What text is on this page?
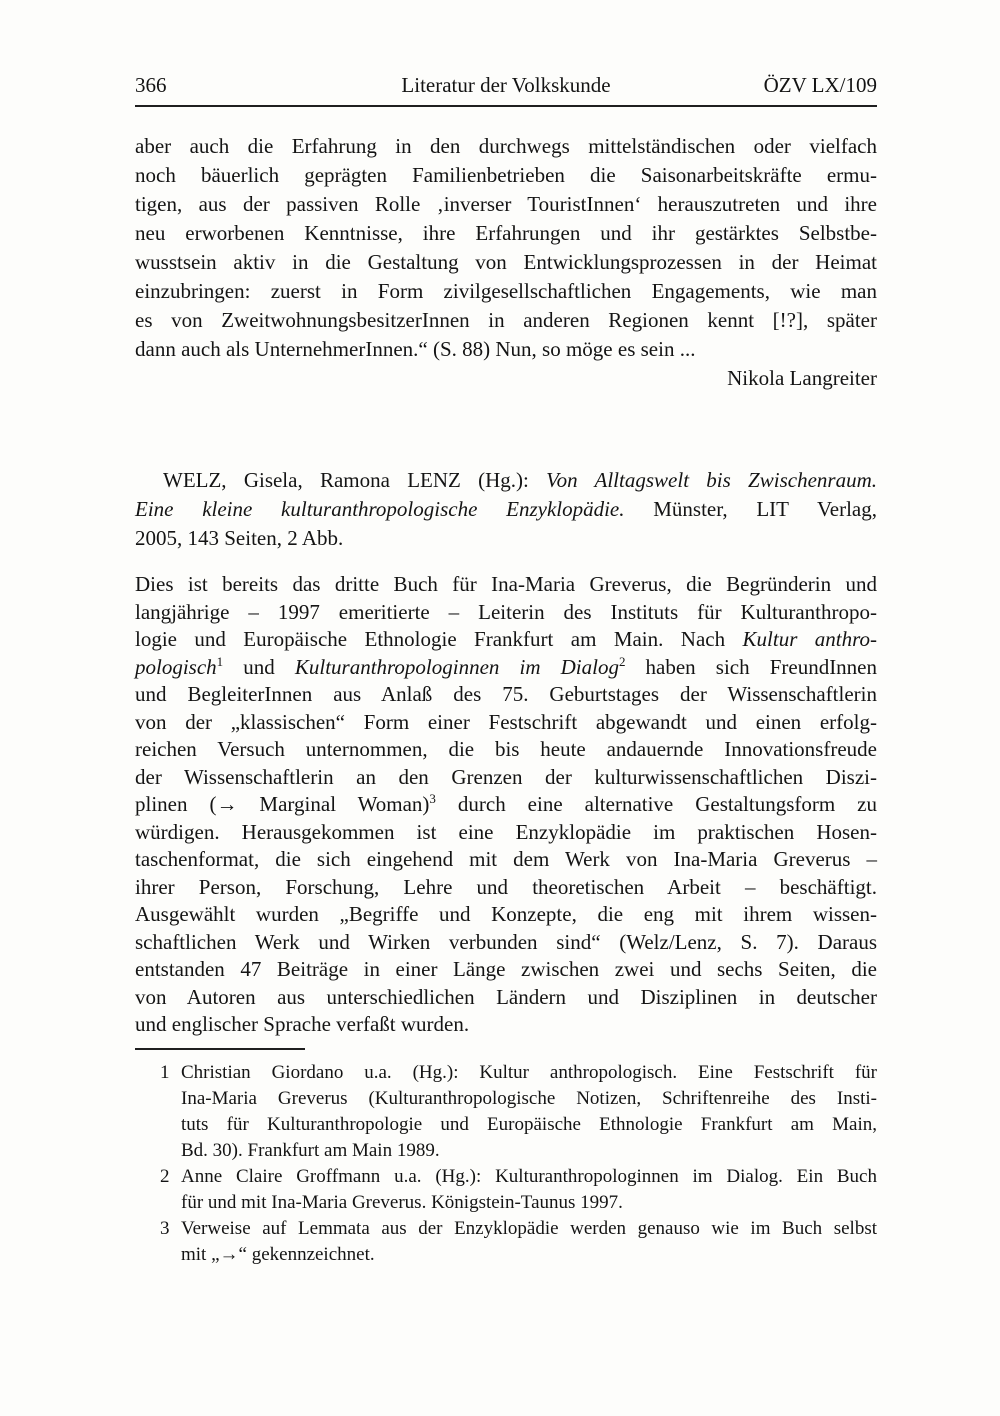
366	Literatur der Volkskunde	ÖZV LX/109
aber auch die Erfahrung in den durchwegs mittelständischen oder vielfach
noch bäuerlich geprägten Familienbetrieben die Saisonarbeitskräfte ermu-
tigen, aus der passiven Rolle ‚inverser TouristInnen‘ herauszutreten und ihre
neu erworbenen Kenntnisse, ihre Erfahrungen und ihr gestärktes Selbstbe-
wusstsein aktiv in die Gestaltung von Entwicklungsprozessen in der Heimat
einzubringen: zuerst in Form zivilgesellschaftlichen Engagements, wie man
es von ZweitwohnungsbesitzerInnen in anderen Regionen kennt [!?], später
dann auch als UnternehmerInnen.“ (S. 88) Nun, so möge es sein ...
Nikola Langreiter
WELZ, Gisela, Ramona LENZ (Hg.): Von Alltagswelt bis Zwischenraum.
Eine kleine kulturanthropologische Enzyklopädie. Münster, LIT Verlag,
2005, 143 Seiten, 2 Abb.
Dies ist bereits das dritte Buch für Ina-Maria Greverus, die Begründerin und
langjährige – 1997 emeritierte – Leiterin des Instituts für Kulturanthropo-
logie und Europäische Ethnologie Frankfurt am Main. Nach Kultur anthro-
pologisch$^1$ und Kulturanthropologinnen im Dialog$^2$ haben sich FreundInnen
und BegleiterInnen aus Anlaß des 75. Geburtstages der Wissenschaftlerin
von der „klassischen“ Form einer Festschrift abgewandt und einen erfolg-
reichen Versuch unternommen, die bis heute andauernde Innovationsfreude
der Wissenschaftlerin an den Grenzen der kulturwissenschaftlichen Diszi-
plinen (→ Marginal Woman)$^3$ durch eine alternative Gestaltungsform zu
würdigen. Herausgekommen ist eine Enzyklopädie im praktischen Hosen-
taschenformat, die sich eingehend mit dem Werk von Ina-Maria Greverus –
ihrer Person, Forschung, Lehre und theoretischen Arbeit – beschäftigt.
Ausgewählt wurden „Begriffe und Konzepte, die eng mit ihrem wissen-
schaftlichen Werk und Wirken verbunden sind“ (Welz/Lenz, S. 7). Daraus
entstanden 47 Beiträge in einer Länge zwischen zwei und sechs Seiten, die
von Autoren aus unterschiedlichen Ländern und Disziplinen in deutscher
und englischer Sprache verfaßt wurden.
1 Christian Giordano u.a. (Hg.): Kultur anthropologisch. Eine Festschrift für
Ina-Maria Greverus (Kulturanthropologische Notizen, Schriftenreihe des Insti-
tuts für Kulturanthropologie und Europäische Ethnologie Frankfurt am Main,
Bd. 30). Frankfurt am Main 1989.
2 Anne Claire Groffmann u.a. (Hg.): Kulturanthropologinnen im Dialog. Ein Buch
für und mit Ina-Maria Greverus. Königstein-Taunus 1997.
3 Verweise auf Lemmata aus der Enzyklopädie werden genauso wie im Buch selbst
mit „→“ gekennzeichnet.
